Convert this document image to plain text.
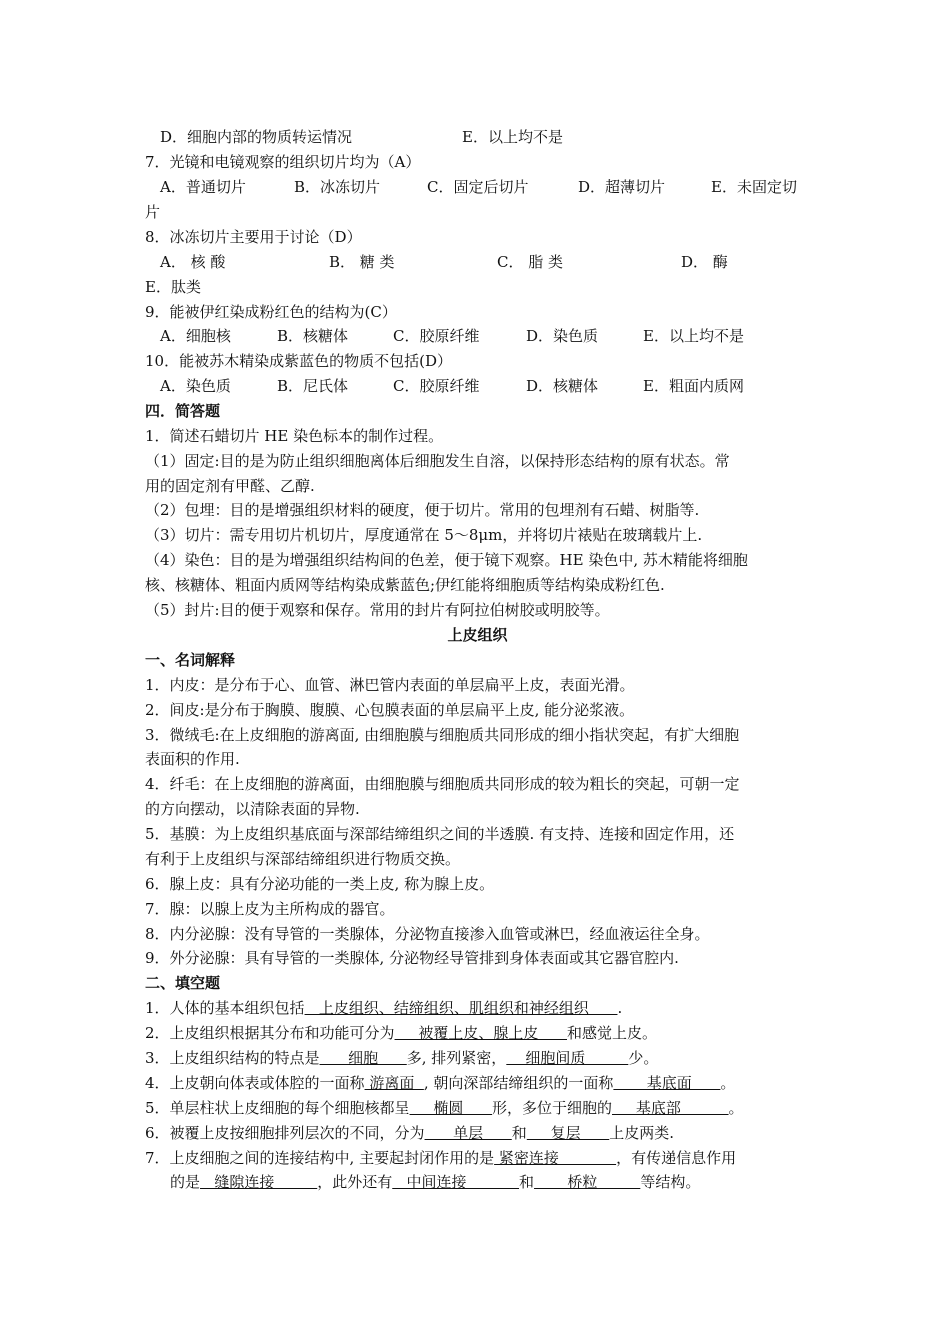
D．细胞内部的物质转运情况	E．以上均不是
7．光镜和电镜观察的组织切片均为（A）
A．普通切片	B．冰冻切片	C．固定后切片	D．超薄切片	E．未固定切
片
8．冰冻切片主要用于讨论（D）
A． 核 酸	B． 糖 类	C． 脂 类	D． 酶
E．肽类
9．能被伊红染成粉红色的结构为(C）
A．细胞核	B．核糖体	C．胶原纤维	D．染色质	E．以上均不是
10．能被苏木精染成紫蓝色的物质不包括(D）
A．染色质	B．尼氏体	C．胶原纤维	D．核糖体	E．粗面内质网
四．简答题
1．简述石蜡切片 HE 染色标本的制作过程。
（1）固定:目的是为防止组织细胞离体后细胞发生自溶，以保持形态结构的原有状态。常
用的固定剂有甲醛、乙醇.
（2）包埋：目的是增强组织材料的硬度，便于切片。常用的包埋剂有石蜡、树脂等.
（3）切片：需专用切片机切片，厚度通常在 5～8μm，并将切片裱贴在玻璃载片上.
（4）染色：目的是为增强组织结构间的色差，便于镜下观察。HE 染色中, 苏木精能将细胞
核、核糖体、粗面内质网等结构染成紫蓝色;伊红能将细胞质等结构染成粉红色.
（5）封片:目的便于观察和保存。常用的封片有阿拉伯树胶或明胶等。
上皮组织
一、名词解释
1．内皮：是分布于心、血管、淋巴管内表面的单层扁平上皮，表面光滑。
2．间皮:是分布于胸膜、腹膜、心包膜表面的单层扁平上皮, 能分泌浆液。
3．微绒毛:在上皮细胞的游离面, 由细胞膜与细胞质共同形成的细小指状突起，有扩大细胞
表面积的作用.
4．纤毛：在上皮细胞的游离面，由细胞膜与细胞质共同形成的较为粗长的突起，可朝一定
的方向摆动，以清除表面的异物.
5．基膜：为上皮组织基底面与深部结缔组织之间的半透膜. 有支持、连接和固定作用，还
有利于上皮组织与深部结缔组织进行物质交换。
6．腺上皮：具有分泌功能的一类上皮, 称为腺上皮。
7．腺：以腺上皮为主所构成的器官。
8．内分泌腺：没有导管的一类腺体，分泌物直接渗入血管或淋巴，经血液运往全身。
9．外分泌腺：具有导管的一类腺体, 分泌物经导管排到身体表面或其它器官腔内.
二、填空题
1．人体的基本组织包括   上皮组织、结缔组织、肌组织和神经组织      .
2．上皮组织根据其分布和功能可分为     被覆上皮、腺上皮      和感觉上皮。
3．上皮组织结构的特点是      细胞      多, 排列紧密，    细胞间质         少。
4．上皮朝向体表或体腔的一面称 游离面  , 朝向深部结缔组织的一面称       基底面      。
5．单层柱状上皮细胞的每个细胞核都呈     椭圆      形，多位于细胞的     基底部          。
6．被覆上皮按细胞排列层次的不同，分为      单层      和     复层      上皮两类.
7．上皮细胞之间的连接结构中, 主要起封闭作用的是 紧密连接            ，有传递信息作用
的是   缝隙连接         ，此外还有   中间连接           和       桥粒         等结构。
